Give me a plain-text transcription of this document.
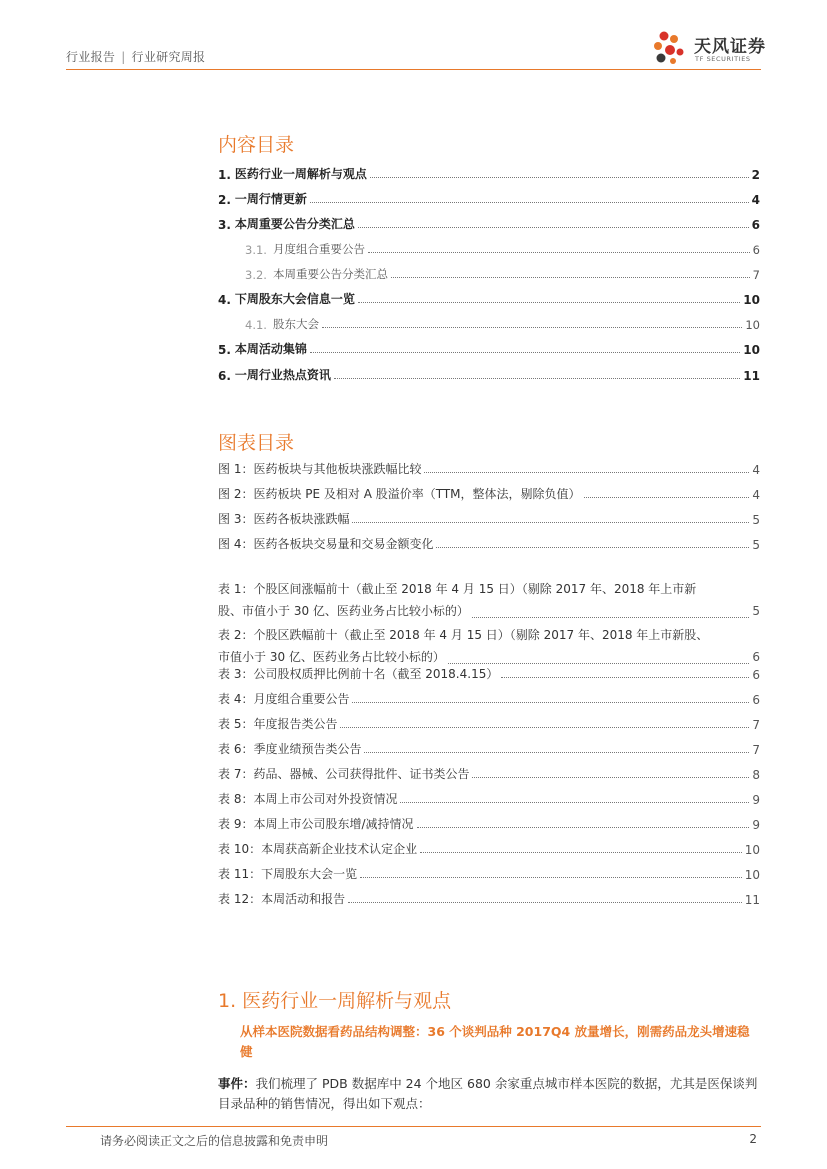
行业报告 | 行业研究周报	天风证券
TF SECURITIES
内容目录
1. 医药行业一周解析与观点	2
2. 一周行情更新	4
3. 本周重要公告分类汇总	6
3.1. 月度组合重要公告	6
3.2. 本周重要公告分类汇总	7
4. 下周股东大会信息一览	10
4.1. 股东大会	10
5. 本周活动集锦	10
6. 一周行业热点资讯	11
图表目录
图 1：医药板块与其他板块涨跌幅比较	4
图 2：医药板块 PE 及相对 A 股溢价率（TTM，整体法，剔除负值）	4
图 3：医药各板块涨跌幅	5
图 4：医药各板块交易量和交易金额变化	5
表 1：个股区间涨幅前十（截止至 2018 年 4 月 15 日）（剔除 2017 年、2018 年上市新
股、市值小于 30 亿、医药业务占比较小标的）	5
表 2：个股区跌幅前十（截止至 2018 年 4 月 15 日）（剔除 2017 年、2018 年上市新股、
市值小于 30 亿、医药业务占比较小标的）	6
表 3：公司股权质押比例前十名（截至 2018.4.15）	6
表 4：月度组合重要公告	6
表 5：年度报告类公告	7
表 6：季度业绩预告类公告	7
表 7：药品、器械、公司获得批件、证书类公告	8
表 8：本周上市公司对外投资情况	9
表 9：本周上市公司股东增/减持情况	9
表 10：本周获高新企业技术认定企业	10
表 11：下周股东大会一览	10
表 12：本周活动和报告	11
1. 医药行业一周解析与观点
从样本医院数据看药品结构调整：36 个谈判品种 2017Q4 放量增长，刚需药品龙头增速稳健
事件：我们梳理了 PDB 数据库中 24 个地区 680 余家重点城市样本医院的数据，尤其是医保谈判目录品种的销售情况，得出如下观点：
请务必阅读正文之后的信息披露和免责申明	2
